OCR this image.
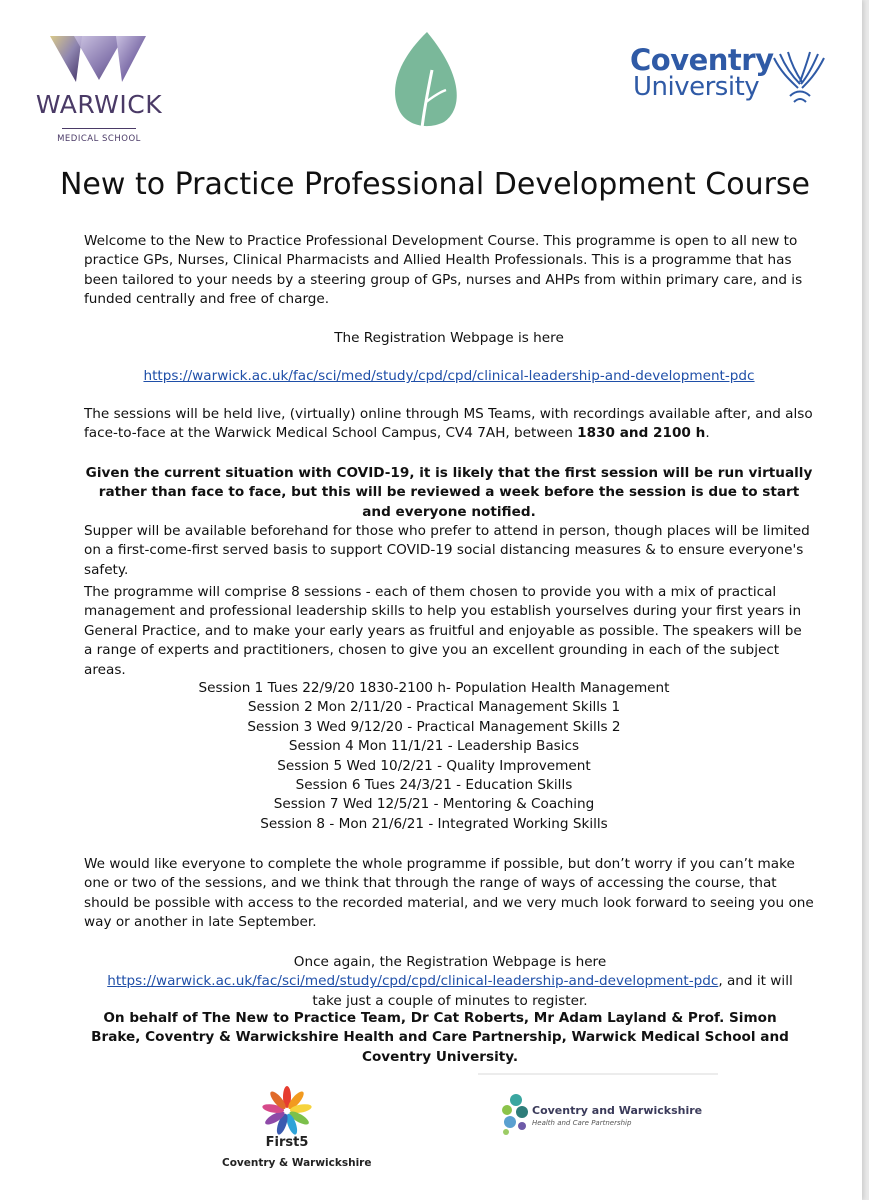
WARWICK
MEDICAL SCHOOL
Coventry
University
New to Practice Professional Development Course

Welcome to the New to Practice Professional Development Course. This programme is open to all new to practice GPs, Nurses, Clinical Pharmacists and Allied Health Professionals. This is a programme that has been tailored to your needs by a steering group of GPs, nurses and AHPs from within primary care, and is funded centrally and free of charge.

The Registration Webpage is here

https://warwick.ac.uk/fac/sci/med/study/cpd/cpd/clinical-leadership-and-development-pdc

The sessions will be held live, (virtually) online through MS Teams, with recordings available after, and also face-to-face at the Warwick Medical School Campus, CV4 7AH, between 1830 and 2100 h.

Given the current situation with COVID-19, it is likely that the first session will be run virtually rather than face to face, but this will be reviewed a week before the session is due to start and everyone notified.

Supper will be available beforehand for those who prefer to attend in person, though places will be limited on a first-come-first served basis to support COVID-19 social distancing measures & to ensure everyone's safety.

The programme will comprise 8 sessions - each of them chosen to provide you with a mix of practical management and professional leadership skills to help you establish yourselves during your first years in General Practice, and to make your early years as fruitful and enjoyable as possible. The speakers will be a range of experts and practitioners, chosen to give you an excellent grounding in each of the subject areas.

Session 1 Tues 22/9/20 1830-2100 h- Population Health Management
Session 2 Mon 2/11/20 - Practical Management Skills 1
Session 3 Wed 9/12/20 - Practical Management Skills 2
Session 4 Mon 11/1/21 - Leadership Basics
Session 5 Wed 10/2/21 - Quality Improvement
Session 6 Tues 24/3/21 - Education Skills
Session 7 Wed 12/5/21 - Mentoring & Coaching
Session 8 - Mon 21/6/21 - Integrated Working Skills

We would like everyone to complete the whole programme if possible, but don’t worry if you can’t make one or two of the sessions, and we think that through the range of ways of accessing the course, that should be possible with access to the recorded material, and we very much look forward to seeing you one way or another in late September.

Once again, the Registration Webpage is here https://warwick.ac.uk/fac/sci/med/study/cpd/cpd/clinical-leadership-and-development-pdc, and it will take just a couple of minutes to register.

On behalf of The New to Practice Team, Dr Cat Roberts, Mr Adam Layland & Prof. Simon Brake, Coventry & Warwickshire Health and Care Partnership, Warwick Medical School and Coventry University.

First5
Coventry & Warwickshire
Coventry and Warwickshire
Health and Care Partnership
